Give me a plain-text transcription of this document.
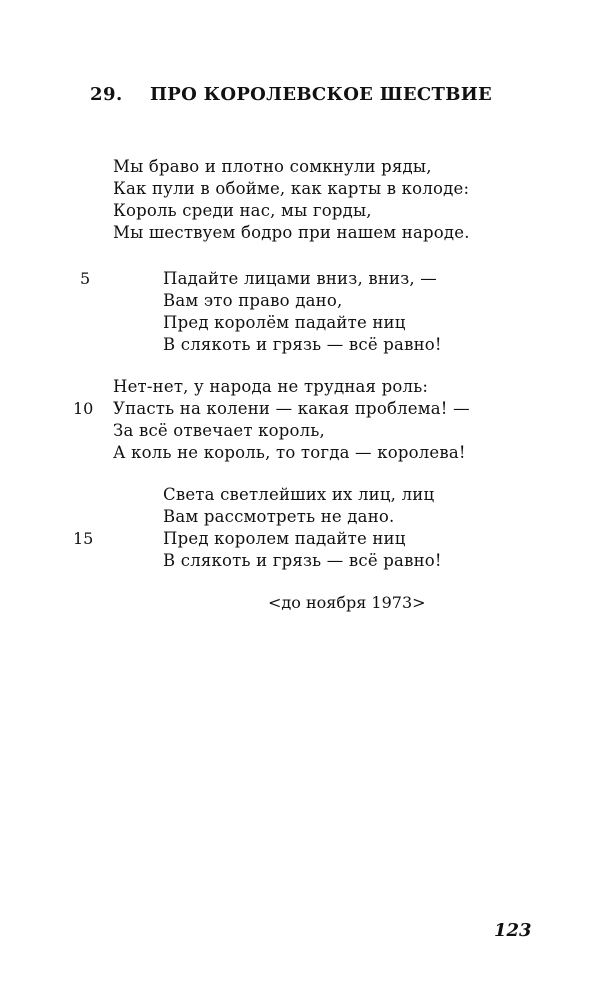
29. ПРО КОРОЛЕВСКОЕ ШЕСТВИЕ
Мы браво и плотно сомкнули ряды,
Как пули в обойме, как карты в колоде:
Король среди нас, мы горды,
Мы шествуем бодро при нашем народе.
5	Падайте лицами вниз, вниз, —
Вам это право дано,
Пред королём падайте ниц
В слякоть и грязь — всё равно!
Нет-нет, у народа не трудная роль:
10 Упасть на колени — какая проблема! —
За всё отвечает король,
А коль не король, то тогда — королева!
Света светлейших их лиц, лиц
Вам рассмотреть не дано.
15	Пред королем падайте ниц
В слякоть и грязь — всё равно!
<до ноября 1973>
123
